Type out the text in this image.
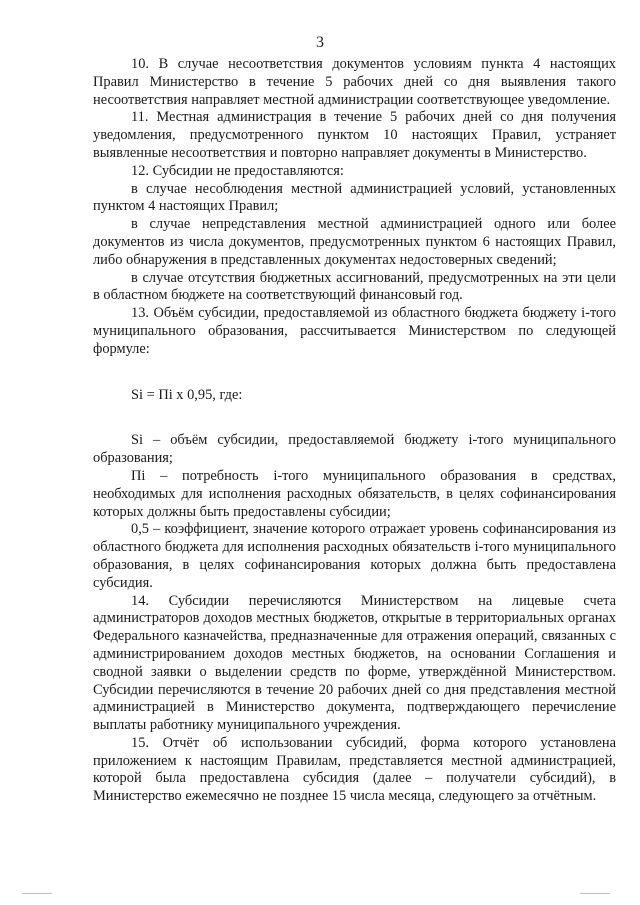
3

10. В случае несоответствия документов условиям пункта 4 настоящих Правил Министерство в течение 5 рабочих дней со дня выявления такого несоответствия направляет местной администрации соответствующее уведомление.

11. Местная администрация в течение 5 рабочих дней со дня получения уведомления, предусмотренного пунктом 10 настоящих Правил, устраняет выявленные несоответствия и повторно направляет документы в Министерство.

12. Субсидии не предоставляются:

в случае несоблюдения местной администрацией условий, установленных пунктом 4 настоящих Правил;

в случае непредставления местной администрацией одного или более документов из числа документов, предусмотренных пунктом 6 настоящих Правил, либо обнаружения в представленных документах недостоверных сведений;

в случае отсутствия бюджетных ассигнований, предусмотренных на эти цели в областном бюджете на соответствующий финансовый год.

13. Объём субсидии, предоставляемой из областного бюджета бюджету i-того муниципального образования, рассчитывается Министерством по следующей формуле:

Si = Пi x 0,95, где:

Si – объём субсидии, предоставляемой бюджету i-того муниципального образования;

Пi – потребность i-того муниципального образования в средствах, необходимых для исполнения расходных обязательств, в целях софинансирования которых должны быть предоставлены субсидии;

0,5 – коэффициент, значение которого отражает уровень софинансирования из областного бюджета для исполнения расходных обязательств i-того муниципального образования, в целях софинансирования которых должна быть предоставлена субсидия.

14. Субсидии перечисляются Министерством на лицевые счета администраторов доходов местных бюджетов, открытые в территориальных органах Федерального казначейства, предназначенные для отражения операций, связанных с администрированием доходов местных бюджетов, на основании Соглашения и сводной заявки о выделении средств по форме, утверждённой Министерством. Субсидии перечисляются в течение 20 рабочих дней со дня представления местной администрацией в Министерство документа, подтверждающего перечисление выплаты работнику муниципального учреждения.

15. Отчёт об использовании субсидий, форма которого установлена приложением к настоящим Правилам, представляется местной администрацией, которой была предоставлена субсидия (далее – получатели субсидий), в Министерство ежемесячно не позднее 15 числа месяца, следующего за отчётным.
